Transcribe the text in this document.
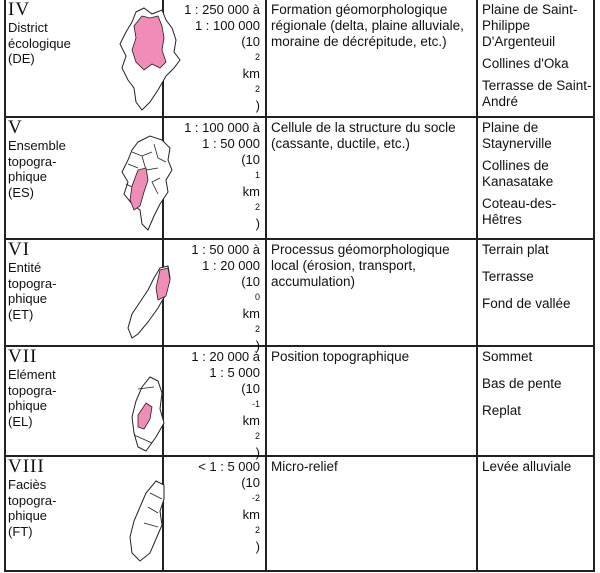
IV
District
écologique
(DE)
1 : 250 000 à
1 : 100 000
(10
2
km
2
)
Formation géomorphologique régionale (delta, plaine alluviale, moraine de décrépitude, etc.)
Plaine de Saint-Philippe D'Argenteuil
Collines d'Oka
Terrasse de Saint-André
V
Ensemble
topogra-
phique
(ES)
1 : 100 000 à
1 : 50 000
(10
1
km
2
)
Cellule de la structure du socle (cassante, ductile, etc.)
Plaine de Staynerville
Collines de Kanasatake
Coteau-des-Hêtres
VI
Entité
topogra-
phique
(ET)
1 : 50 000 à
1 : 20 000
(10
0
km
2
)
Processus géomorphologique local (érosion, transport, accumulation)
Terrain plat
Terrasse
Fond de vallée
VII
Elément
topogra-
phique
(EL)
1 : 20 000 à
1 : 5 000
(10
-1
km
2
)
Position topographique	Sommet
Bas de pente
Replat
VIII
Faciès
topogra-
phique
(FT)
< 1 : 5 000
(10
-2
km
2
)
Micro-relief	Levée alluviale
